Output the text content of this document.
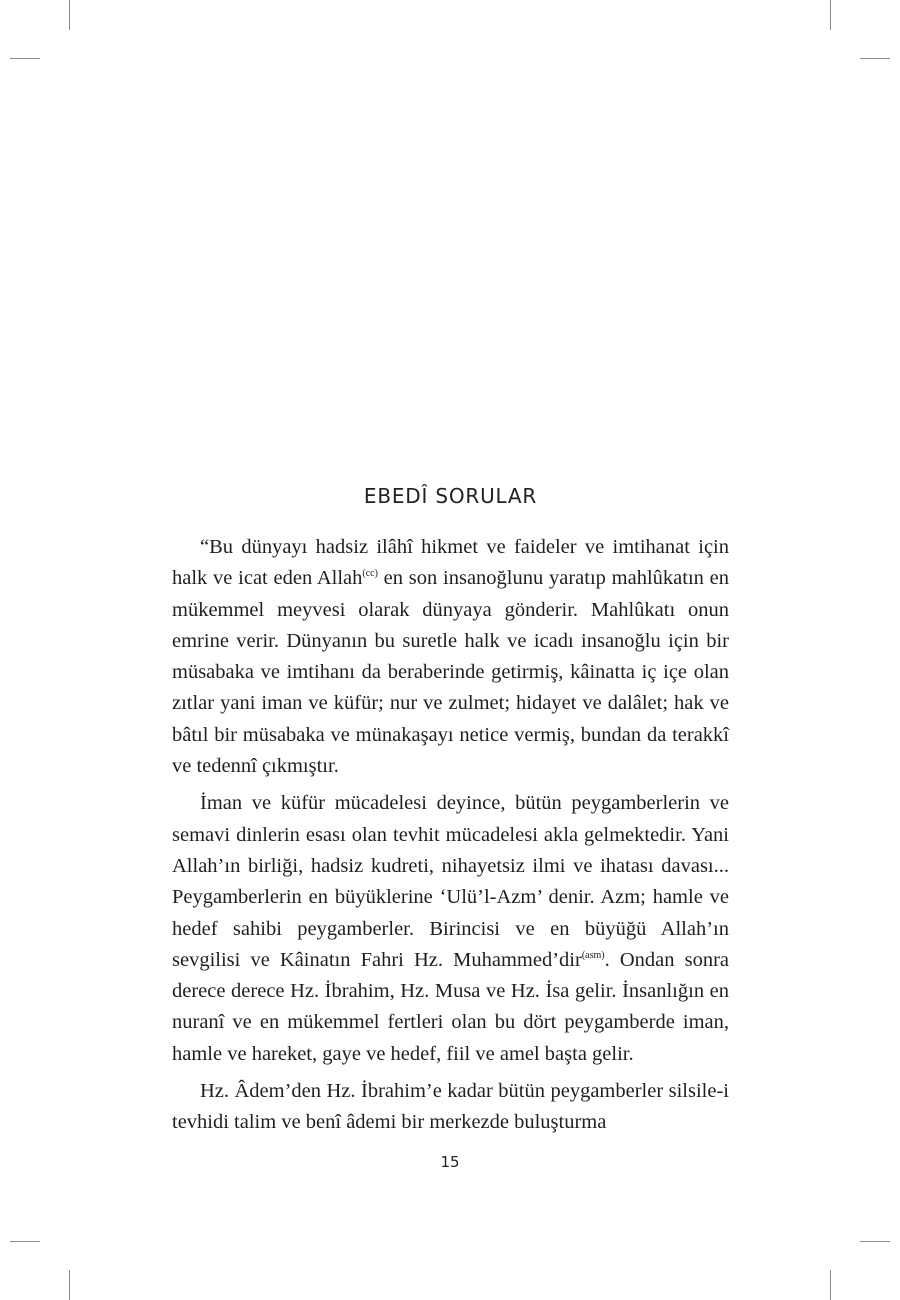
EBEDÎ SORULAR

“Bu dünyayı hadsiz ilâhî hikmet ve faideler ve imtihanat için halk ve icat eden Allah$^{(cc)}$ en son insanoğlunu yaratıp mahlûkatın en mükemmel meyvesi olarak dünyaya gönderir. Mahlûkatı onun emrine verir. Dünyanın bu suretle halk ve icadı insanoğlu için bir müsabaka ve imtihanı da beraberinde getirmiş, kâinatta iç içe olan zıtlar yani iman ve küfür; nur ve zulmet; hidayet ve dalâlet; hak ve bâtıl bir müsabaka ve münakaşayı netice vermiş, bundan da terakkî ve tedennî çıkmıştır.

İman ve küfür mücadelesi deyince, bütün peygamberlerin ve semavi dinlerin esası olan tevhit mücadelesi akla gelmektedir. Yani Allah’ın birliği, hadsiz kudreti, nihayetsiz ilmi ve ihatası davası... Peygamberlerin en büyüklerine ‘Ulü’l-Azm’ denir. Azm; hamle ve hedef sahibi peygamberler. Birincisi ve en büyüğü Allah’ın sevgilisi ve Kâinatın Fahri Hz. Muhammed’dir$^{(asm)}$. Ondan sonra derece derece Hz. İbrahim, Hz. Musa ve Hz. İsa gelir. İnsanlığın en nuranî ve en mükemmel fertleri olan bu dört peygamberde iman, hamle ve hareket, gaye ve hedef, fiil ve amel başta gelir.

Hz. Âdem’den Hz. İbrahim’e kadar bütün peygamberler silsile-i tevhidi talim ve benî âdemi bir merkezde buluşturma

15
